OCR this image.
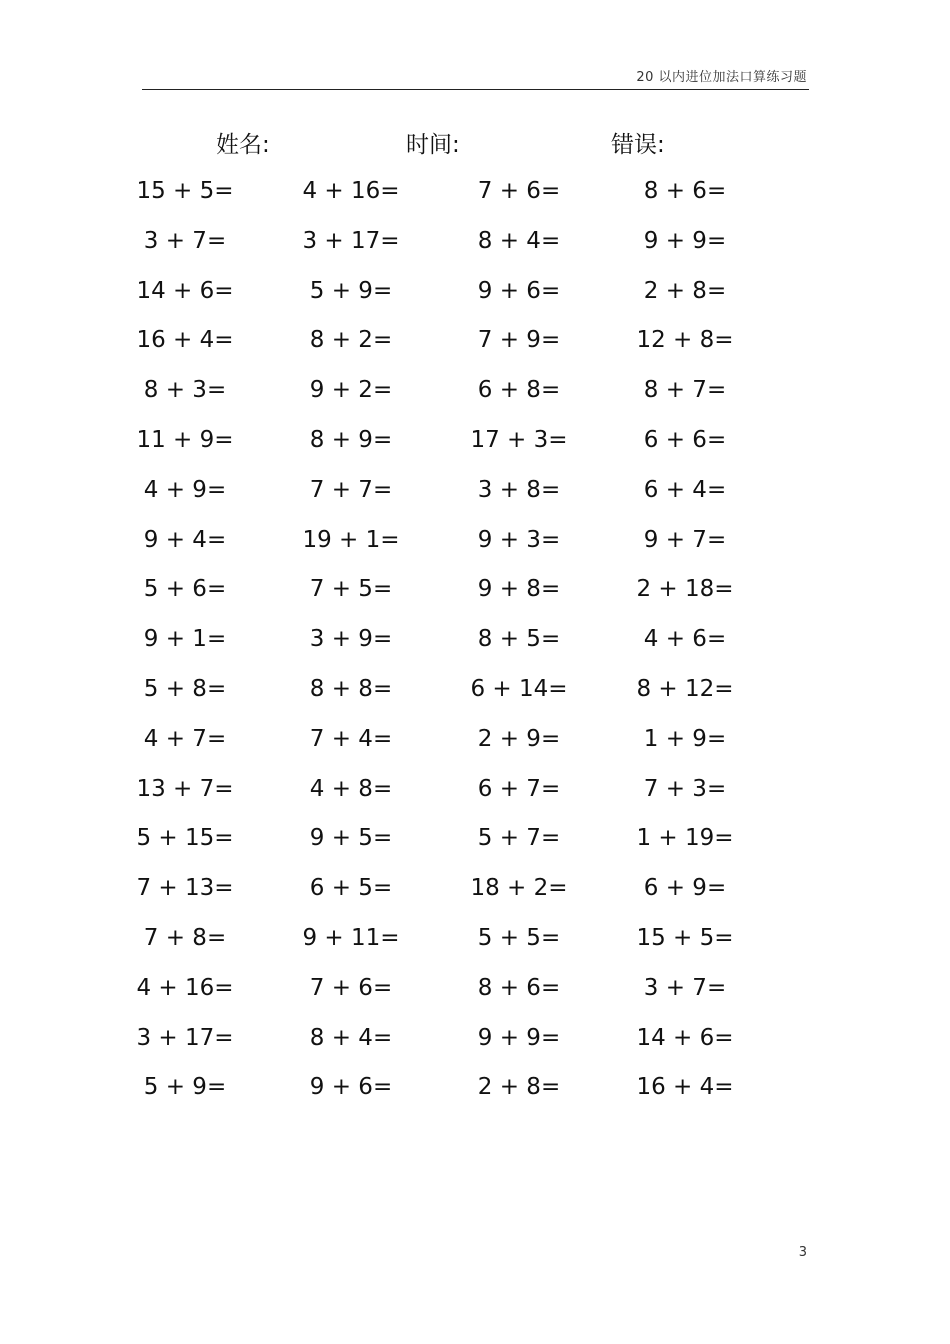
20 以内进位加法口算练习题
姓名:	时间:	错误:
15 + 5=	4 + 16=	7 + 6=	8 + 6=
3 + 7=	3 + 17=	8 + 4=	9 + 9=
14 + 6=	5 + 9=	9 + 6=	2 + 8=
16 + 4=	8 + 2=	7 + 9=	12 + 8=
8 + 3=	9 + 2=	6 + 8=	8 + 7=
11 + 9=	8 + 9=	17 + 3=	6 + 6=
4 + 9=	7 + 7=	3 + 8=	6 + 4=
9 + 4=	19 + 1=	9 + 3=	9 + 7=
5 + 6=	7 + 5=	9 + 8=	2 + 18=
9 + 1=	3 + 9=	8 + 5=	4 + 6=
5 + 8=	8 + 8=	6 + 14=	8 + 12=
4 + 7=	7 + 4=	2 + 9=	1 + 9=
13 + 7=	4 + 8=	6 + 7=	7 + 3=
5 + 15=	9 + 5=	5 + 7=	1 + 19=
7 + 13=	6 + 5=	18 + 2=	6 + 9=
7 + 8=	9 + 11=	5 + 5=	15 + 5=
4 + 16=	7 + 6=	8 + 6=	3 + 7=
3 + 17=	8 + 4=	9 + 9=	14 + 6=
5 + 9=	9 + 6=	2 + 8=	16 + 4=
3
